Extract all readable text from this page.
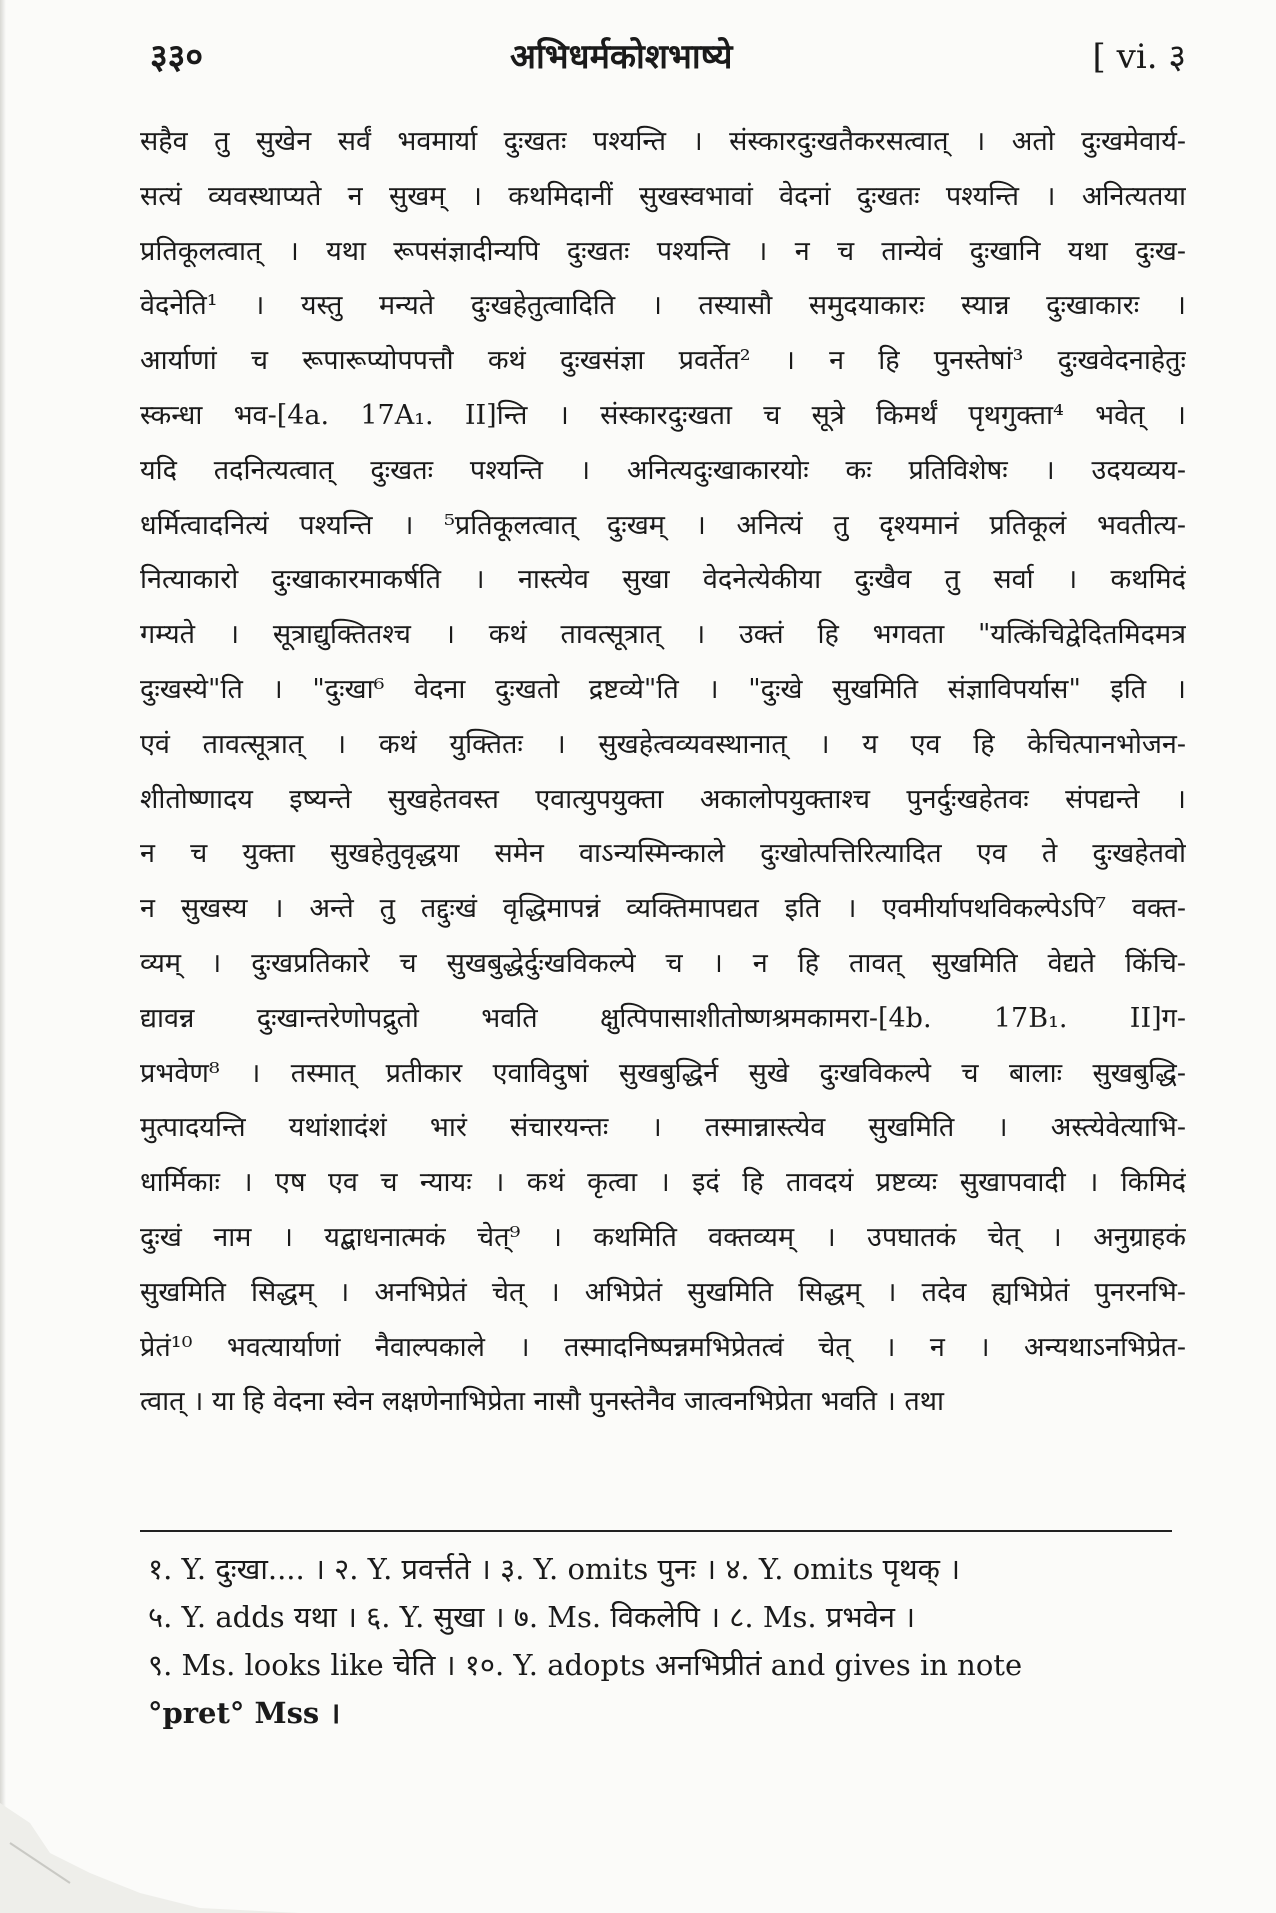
३३०	अभिधर्मकोशभाष्ये	[ vi. ३
सहैव तु सुखेन सर्वं भवमार्या दुःखतः पश्यन्ति । संस्कारदुःखतैकरसत्वात् । अतो दुःखमेवार्य-
सत्यं व्यवस्थाप्यते न सुखम् । कथमिदानीं सुखस्वभावां वेदनां दुःखतः पश्यन्ति । अनित्यतया
प्रतिकूलत्वात् । यथा रूपसंज्ञादीन्यपि दुःखतः पश्यन्ति । न च तान्येवं दुःखानि यथा दुःख-
वेदनेति¹ । यस्तु मन्यते दुःखहेतुत्वादिति । तस्यासौ समुदयाकारः स्यान्न दुःखाकारः ।
आर्याणां च रूपारूप्योपपत्तौ कथं दुःखसंज्ञा प्रवर्तेत² । न हि पुनस्तेषां³ दुःखवेदनाहेतुः
स्कन्धा भव-[4a. 17A₁. II]न्ति । संस्कारदुःखता च सूत्रे किमर्थं पृथगुक्ता⁴ भवेत् ।
यदि तदनित्यत्वात् दुःखतः पश्यन्ति । अनित्यदुःखाकारयोः कः प्रतिविशेषः । उदयव्यय-
धर्मित्वादनित्यं पश्यन्ति । ⁵प्रतिकूलत्वात् दुःखम् । अनित्यं तु दृश्यमानं प्रतिकूलं भवतीत्य-
नित्याकारो दुःखाकारमाकर्षति । नास्त्येव सुखा वेदनेत्येकीया दुःखैव तु सर्वा । कथमिदं
गम्यते । सूत्राद्युक्तितश्च । कथं तावत्सूत्रात् । उक्तं हि भगवता "यत्किंचिद्वेदितमिदमत्र
दुःखस्ये"ति । "दुःखा⁶ वेदना दुःखतो द्रष्टव्ये"ति । "दुःखे सुखमिति संज्ञाविपर्यास" इति ।
एवं तावत्सूत्रात् । कथं युक्तितः । सुखहेत्वव्यवस्थानात् । य एव हि केचित्पानभोजन-
शीतोष्णादय इष्यन्ते सुखहेतवस्त एवात्युपयुक्ता अकालोपयुक्ताश्च पुनर्दुःखहेतवः संपद्यन्ते ।
न च युक्ता सुखहेतुवृद्धया समेन वाऽन्यस्मिन्काले दुःखोत्पत्तिरित्यादित एव ते दुःखहेतवो
न सुखस्य । अन्ते तु तद्दुःखं वृद्धिमापन्नं व्यक्तिमापद्यत इति । एवमीर्यापथविकल्पेऽपि⁷ वक्त-
व्यम् । दुःखप्रतिकारे च सुखबुद्धेर्दुःखविकल्पे च । न हि तावत् सुखमिति वेद्यते किंचि-
द्यावन्न दुःखान्तरेणोपद्रुतो भवति क्षुत्पिपासाशीतोष्णश्रमकामरा-[4b. 17B₁. II]ग-
प्रभवेण⁸ । तस्मात् प्रतीकार एवाविदुषां सुखबुद्धिर्न सुखे दुःखविकल्पे च बालाः सुखबुद्धि-
मुत्पादयन्ति यथांशादंशं भारं संचारयन्तः । तस्मान्नास्त्येव सुखमिति । अस्त्येवेत्याभि-
धार्मिकाः । एष एव च न्यायः । कथं कृत्वा । इदं हि तावदयं प्रष्टव्यः सुखापवादी । किमिदं
दुःखं नाम । यद्बाधनात्मकं चेत्⁹ । कथमिति वक्तव्यम् । उपघातकं चेत् । अनुग्राहकं
सुखमिति सिद्धम् । अनभिप्रेतं चेत् । अभिप्रेतं सुखमिति सिद्धम् । तदेव ह्यभिप्रेतं पुनरनभि-
प्रेतं¹⁰ भवत्यार्याणां नैवाल्पकाले । तस्मादनिष्पन्नमभिप्रेतत्वं चेत् । न । अन्यथाऽनभिप्रेत-
त्वात् । या हि वेदना स्वेन लक्षणेनाभिप्रेता नासौ पुनस्तेनैव जात्वनभिप्रेता भवति । तथा
१. Y. दुःखा.... । २. Y. प्रवर्त्तते । ३. Y. omits पुनः । ४. Y. omits पृथक् ।
५. Y. adds यथा । ६. Y. सुखा । ७. Ms. विकलेपि । ८. Ms. प्रभवेन ।
९. Ms. looks like चेति । १०. Y. adopts अनभिप्रीतं and gives in note
°pret° Mss ।
